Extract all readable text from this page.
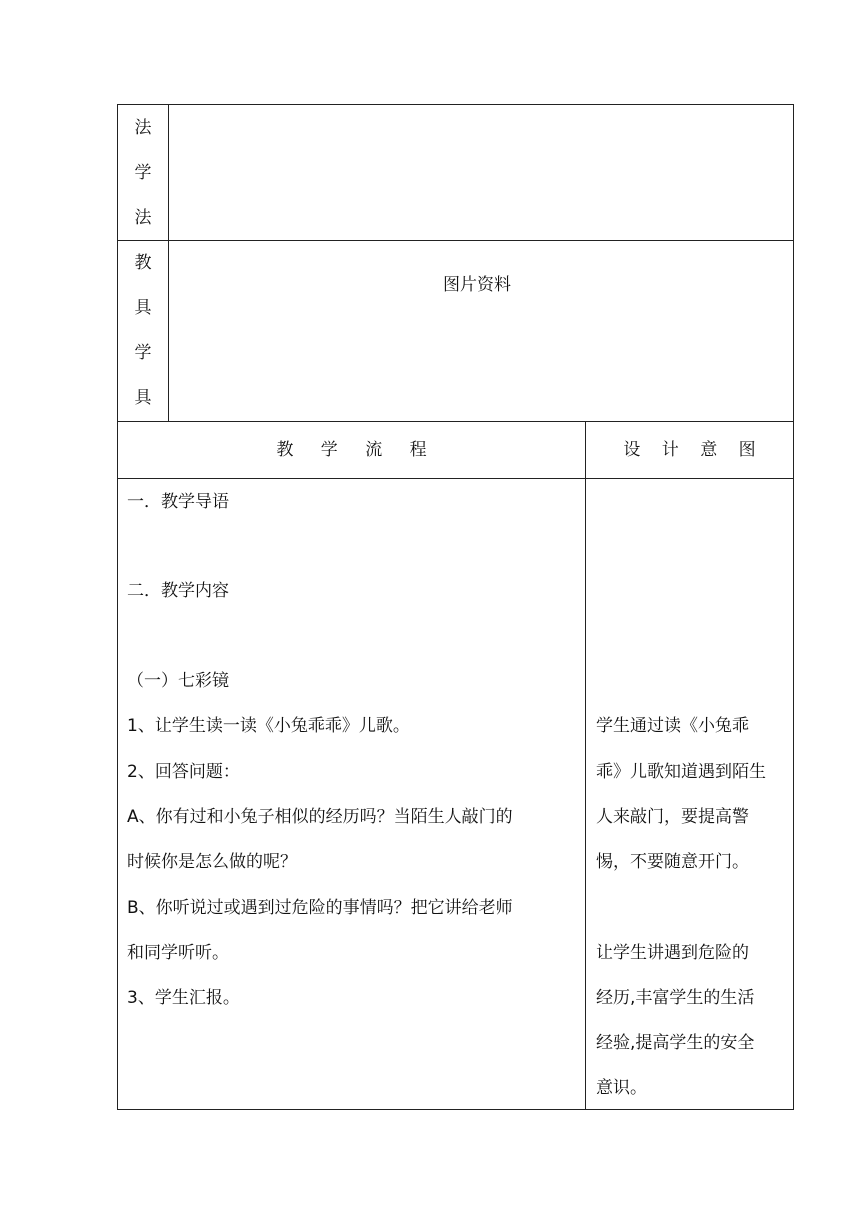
法
学
法
教
具
学
具
图片资料
教 学 流 程	设 计 意 图
一．教学导语
二．教学内容
（一）七彩镜
1、让学生读一读《小兔乖乖》儿歌。
2、回答问题：
A、你有过和小兔子相似的经历吗？当陌生人敲门的
时候你是怎么做的呢？
B、你听说过或遇到过危险的事情吗？把它讲给老师
和同学听听。
3、学生汇报。
学生通过读《小兔乖
乖》儿歌知道遇到陌生
人来敲门，要提高警
惕，不要随意开门。
让学生讲遇到危险的
经历,丰富学生的生活
经验,提高学生的安全
意识。
